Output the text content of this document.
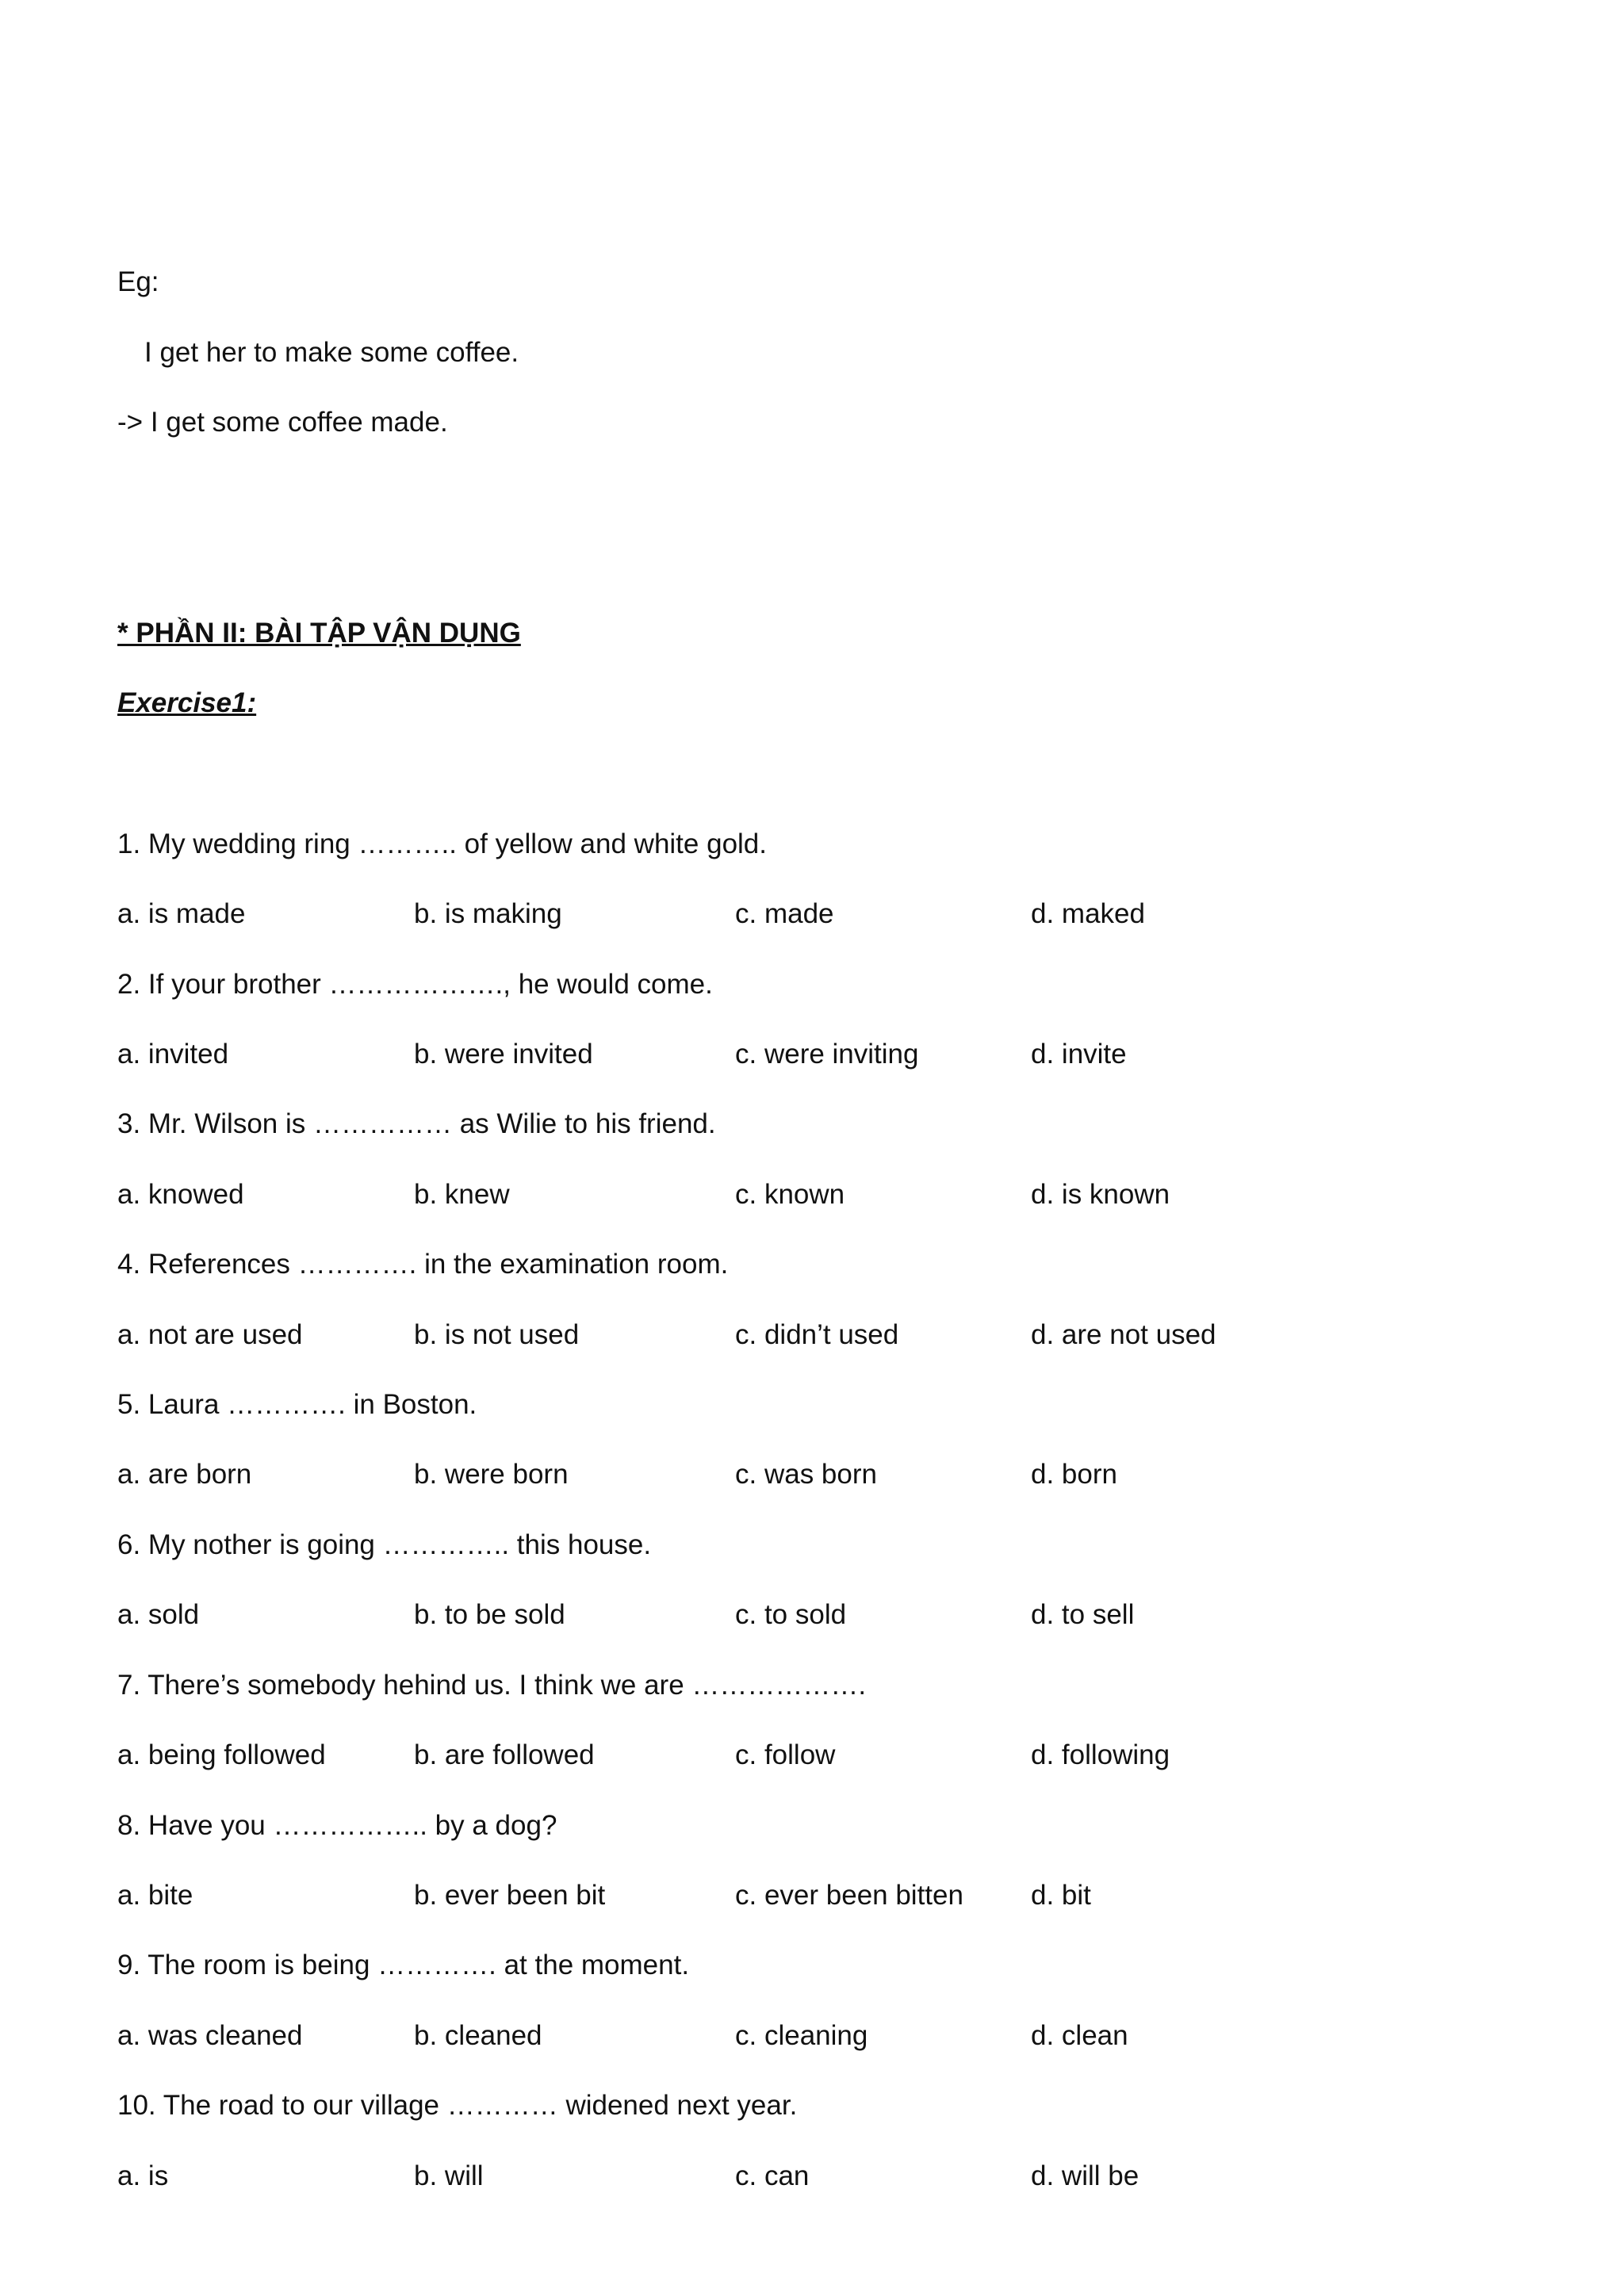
Eg:
I get her to make some coffee.
-> I get some coffee made.
* PHẦN II: BÀI TẬP VẬN DỤNG
Exercise1:
1. My wedding ring ……….. of yellow and white gold.
a. is made	b. is making	c. made	d. maked
2. If your brother ………………., he would come.
a. invited	b. were invited	c. were inviting	d. invite
3. Mr. Wilson is …………… as Wilie to his friend.
a. knowed	b. knew	c. known	d. is known
4. References …………. in the examination room.
a. not are used	b. is not used	c. didn’t used	d. are not used
5. Laura …………. in Boston.
a. are born	b. were born	c. was born	d. born
6. My nother is going ………….. this house.
a. sold	b. to be sold	c. to sold	d. to sell
7. There’s somebody hehind us. I think we are ……………….
a. being followed	b. are followed	c. follow	d. following
8. Have you …………….. by a dog?
a. bite	b. ever been bit	c. ever been bitten d. bit
9. The room is being …………. at the moment.
a. was cleaned	b. cleaned	c. cleaning	d. clean
10. The road to our village ………… widened next year.
a. is	b. will	c. can	d. will be
